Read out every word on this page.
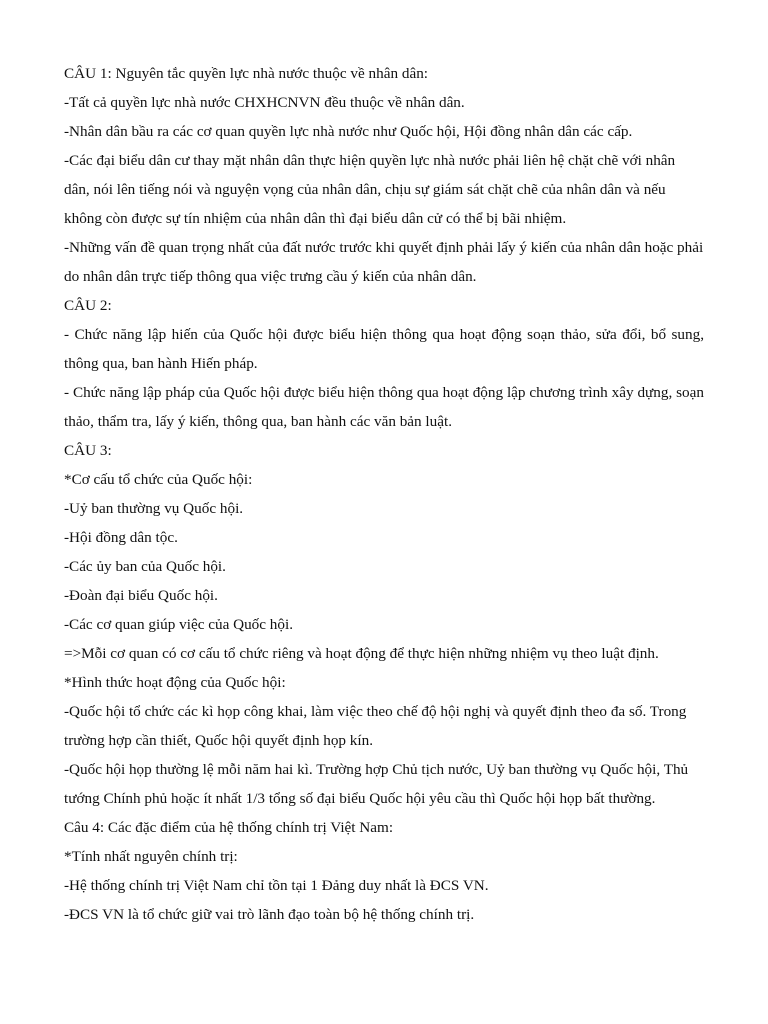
CÂU 1: Nguyên tắc quyền lực nhà nước thuộc về nhân dân:

-Tất cả quyền lực nhà nước CHXHCNVN đều thuộc về nhân dân.

-Nhân dân bầu ra các cơ quan quyền lực nhà nước như Quốc hội, Hội đồng nhân dân các cấp.

-Các đại biểu dân cư thay mặt nhân dân thực hiện quyền lực nhà nước phải liên hệ chặt chẽ với nhân dân, nói lên tiếng nói và nguyện vọng của nhân dân, chịu sự giám sát chặt chẽ của nhân dân và nếu không còn được sự tín nhiệm của nhân dân thì đại biểu dân cử có thể bị bãi nhiệm.

-Những vấn đề quan trọng nhất của đất nước trước khi quyết định phải lấy ý kiến của nhân dân hoặc phải do nhân dân trực tiếp thông qua việc trưng cầu ý kiến của nhân dân.

CÂU 2:

- Chức năng lập hiến của Quốc hội được biểu hiện thông qua hoạt động soạn thảo, sửa đổi, bổ sung, thông qua, ban hành Hiến pháp.

- Chức năng lập pháp của Quốc hội được biểu hiện thông qua hoạt động lập chương trình xây dựng, soạn thảo, thẩm tra, lấy ý kiến, thông qua, ban hành các văn bản luật.

CÂU 3:

*Cơ cấu tổ chức của Quốc hội:

-Uỷ ban thường vụ Quốc hội.

-Hội đồng dân tộc.

-Các ủy ban của Quốc hội.

-Đoàn đại biểu Quốc hội.

-Các cơ quan giúp việc của Quốc hội.

=>Mỗi cơ quan có cơ cấu tổ chức riêng và hoạt động để thực hiện những nhiệm vụ theo luật định.

*Hình thức hoạt động của Quốc hội:

-Quốc hội tổ chức các kì họp công khai, làm việc theo chế độ hội nghị và quyết định theo đa số. Trong trường hợp cần thiết, Quốc hội quyết định họp kín.

-Quốc hội họp thường lệ mỗi năm hai kì. Trường hợp Chủ tịch nước, Uỷ ban thường vụ Quốc hội, Thủ tướng Chính phủ hoặc ít nhất 1/3 tổng số đại biểu Quốc hội yêu cầu thì Quốc hội họp bất thường.

Câu 4: Các đặc điểm của hệ thống chính trị Việt Nam:

*Tính nhất nguyên chính trị:

-Hệ thống chính trị Việt Nam chỉ tồn tại 1 Đảng duy nhất là ĐCS VN.

-ĐCS VN là tổ chức giữ vai trò lãnh đạo toàn bộ hệ thống chính trị.
